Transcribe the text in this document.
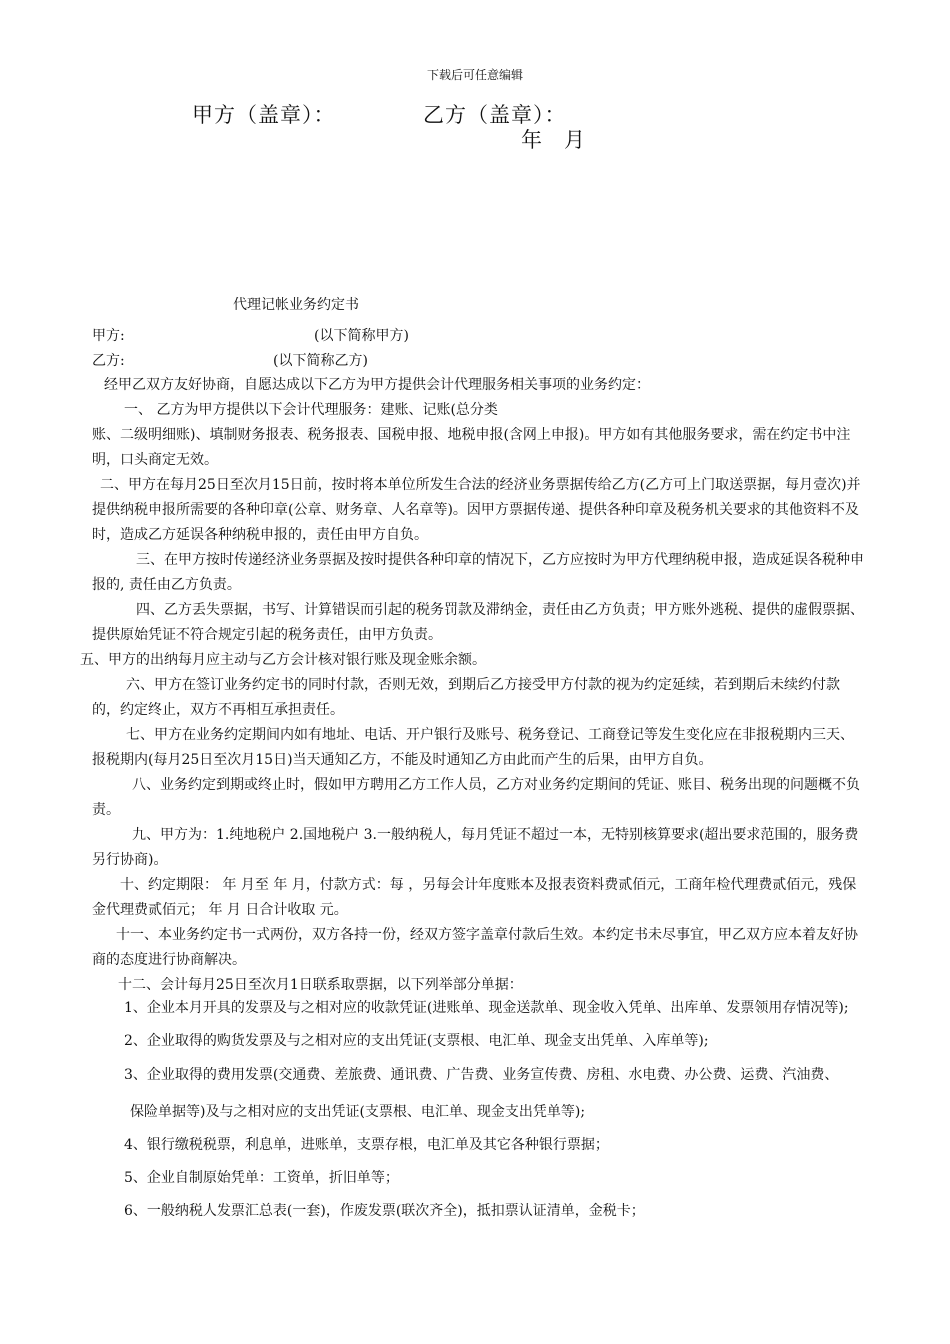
下载后可任意编辑
甲方（盖章）：	乙方（盖章）：
年 月
代理记帐业务约定书
甲方:	(以下简称甲方)
乙方:	(以下简称乙方)

经甲乙双方友好协商，自愿达成以下乙方为甲方提供会计代理服务相关事项的业务约定：

一、 乙方为甲方提供以下会计代理服务：建账、记账(总分类

账、二级明细账)、填制财务报表、税务报表、国税申报、地税申报(含网上申报)。甲方如有其他服务要求，需在约定书中注明，口头商定无效。

二、甲方在每月25日至次月15日前，按时将本单位所发生合法的经济业务票据传给乙方(乙方可上门取送票据，每月壹次)并提供纳税申报所需要的各种印章(公章、财务章、人名章等)。因甲方票据传递、提供各种印章及税务机关要求的其他资料不及时，造成乙方延误各种纳税申报的，责任由甲方自负。

三、在甲方按时传递经济业务票据及按时提供各种印章的情况下，乙方应按时为甲方代理纳税申报，造成延误各税种申报的, 责任由乙方负责。

四、乙方丢失票据，书写、计算错误而引起的税务罚款及滞纳金，责任由乙方负责；甲方账外逃税、提供的虚假票据、提供原始凭证不符合规定引起的税务责任，由甲方负责。

五、甲方的出纳每月应主动与乙方会计核对银行账及现金账余额。

六、甲方在签订业务约定书的同时付款，否则无效，到期后乙方接受甲方付款的视为约定延续，若到期后未续约付款的，约定终止，双方不再相互承担责任。

七、甲方在业务约定期间内如有地址、电话、开户银行及账号、税务登记、工商登记等发生变化应在非报税期内三天、报税期内(每月25日至次月15日)当天通知乙方，不能及时通知乙方由此而产生的后果，由甲方自负。

八、业务约定到期或终止时，假如甲方聘用乙方工作人员，乙方对业务约定期间的凭证、账目、税务出现的问题概不负责。

九、甲方为：1.纯地税户 2.国地税户 3.一般纳税人，每月凭证不超过一本，无特别核算要求(超出要求范围的，服务费另行协商)。

十、约定期限： 年 月至 年 月，付款方式：每 ，另每会计年度账本及报表资料费贰佰元，工商年检代理费贰佰元，残保金代理费贰佰元； 年 月 日合计收取 元。

十一、本业务约定书一式两份，双方各持一份，经双方签字盖章付款后生效。本约定书未尽事宜，甲乙双方应本着友好协商的态度进行协商解决。

十二、会计每月25日至次月1日联系取票据，以下列举部分单据：

1、企业本月开具的发票及与之相对应的收款凭证(进账单、现金送款单、现金收入凭单、出库单、发票领用存情况等);

2、企业取得的购货发票及与之相对应的支出凭证(支票根、电汇单、现金支出凭单、入库单等);

3、企业取得的费用发票(交通费、差旅费、通讯费、广告费、业务宣传费、房租、水电费、办公费、运费、汽油费、

保险单据等)及与之相对应的支出凭证(支票根、电汇单、现金支出凭单等);

4、银行缴税税票，利息单，进账单，支票存根，电汇单及其它各种银行票据；

5、企业自制原始凭单：工资单，折旧单等；

6、一般纳税人发票汇总表(一套)，作废发票(联次齐全)，抵扣票认证清单，金税卡；
